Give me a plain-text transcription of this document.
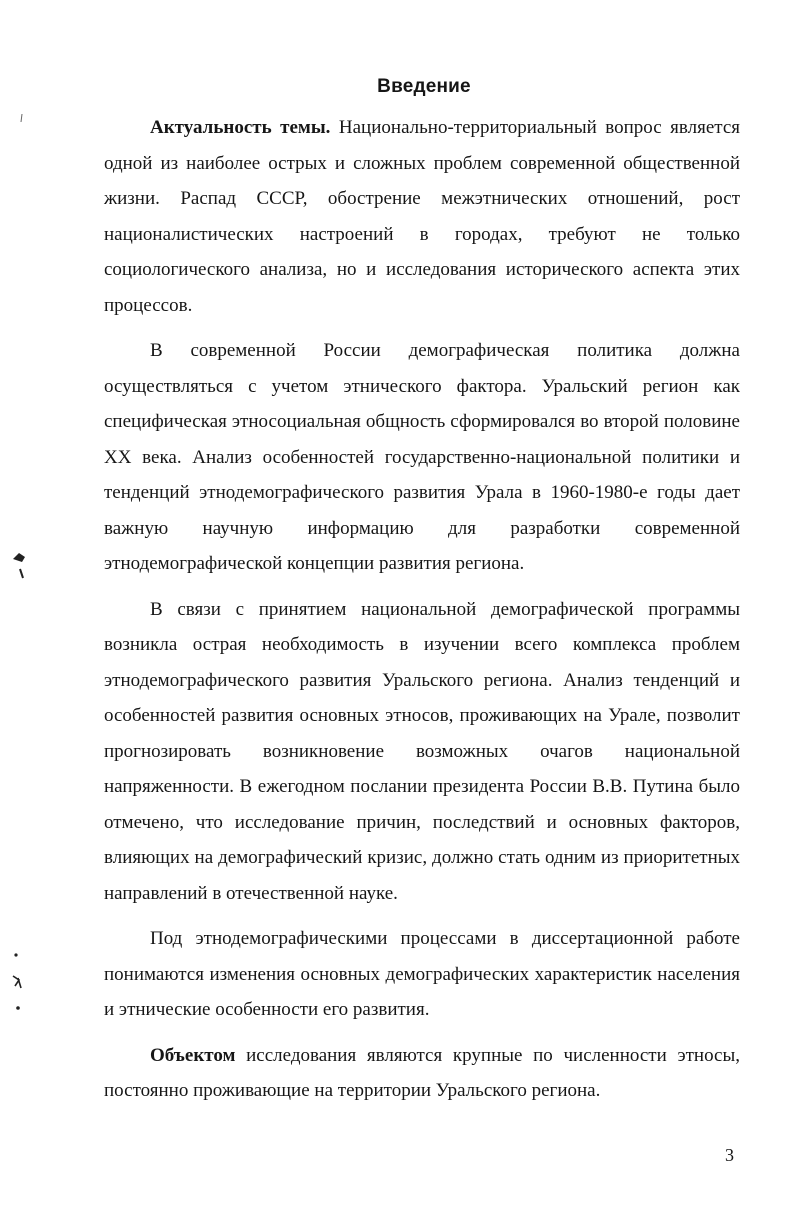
Введение

Актуальность темы. Национально-территориальный вопрос является одной из наиболее острых и сложных проблем современной общественной жизни. Распад СССР, обострение межэтнических отношений, рост националистических настроений в городах, требуют не только социологического анализа, но и исследования исторического аспекта этих процессов.

В современной России демографическая политика должна осуществляться с учетом этнического фактора. Уральский регион как специфическая этносоциальная общность сформировался во второй половине XX века. Анализ особенностей государственно-национальной политики и тенденций этнодемографического развития Урала в 1960-1980-е годы дает важную научную информацию для разработки современной этнодемографической концепции развития региона.

В связи с принятием национальной демографической программы возникла острая необходимость в изучении всего комплекса проблем этнодемографического развития Уральского региона. Анализ тенденций и особенностей развития основных этносов, проживающих на Урале, позволит прогнозировать возникновение возможных очагов национальной напряженности. В ежегодном послании президента России В.В. Путина было отмечено, что исследование причин, последствий и основных факторов, влияющих на демографический кризис, должно стать одним из приоритетных направлений в отечественной науке.

Под этнодемографическими процессами в диссертационной работе понимаются изменения основных демографических характеристик населения и этнические особенности его развития.

Объектом исследования являются крупные по численности этносы, постоянно проживающие на территории Уральского региона.

3
